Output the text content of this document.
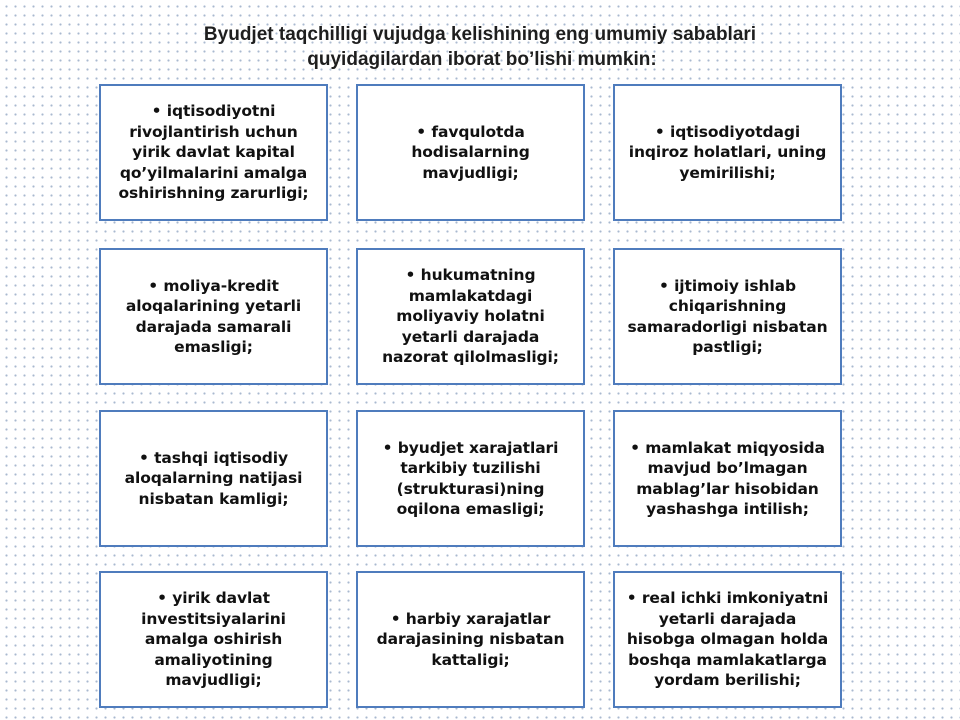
Byudjet taqchilligi vujudga kelishining eng umumiy sabablari
quyidagilardan iborat bo’lishi mumkin:
• iqtisodiyotni rivojlantirish uchun yirik davlat kapital qo’yilmalarini amalga oshirishning zarurligi;
• favqulotda hodisalarning mavjudligi;
• iqtisodiyotdagi inqiroz holatlari, uning yemirilishi;
• moliya-kredit aloqalarining yetarli darajada samarali emasligi;
• hukumatning mamlakatdagi moliyaviy holatni yetarli darajada nazorat qilolmasligi;
• ijtimoiy ishlab chiqarishning samaradorligi nisbatan pastligi;
• tashqi iqtisodiy aloqalarning natijasi nisbatan kamligi;
• byudjet xarajatlari tarkibiy tuzilishi (strukturasi)ning oqilona emasligi;
• mamlakat miqyosida mavjud bo’lmagan mablag’lar hisobidan yashashga intilish;
• yirik davlat investitsiyalarini amalga oshirish amaliyotining mavjudligi;
• harbiy xarajatlar darajasining nisbatan kattaligi;
• real ichki imkoniyatni yetarli darajada hisobga olmagan holda boshqa mamlakatlarga yordam berilishi;
